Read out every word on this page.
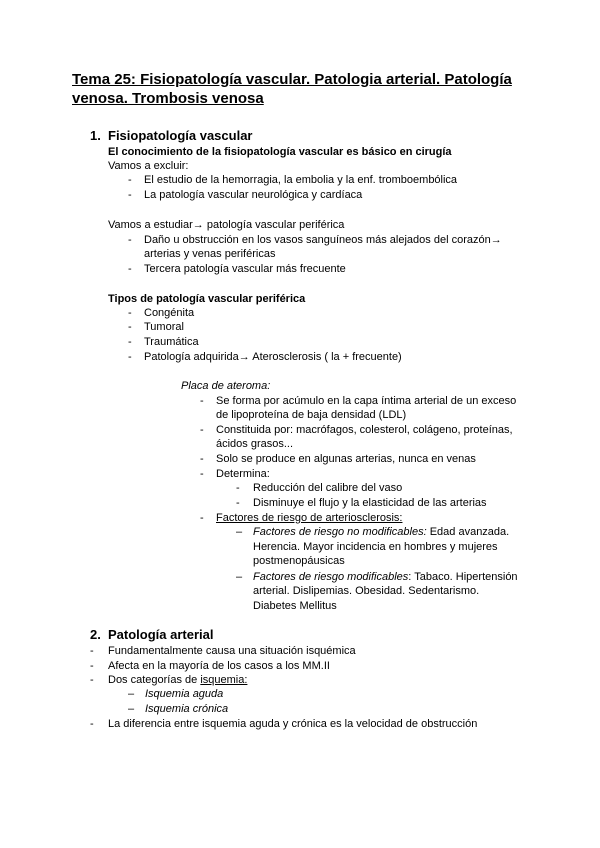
Tema 25: Fisiopatología vascular. Patologia arterial. Patología venosa. Trombosis venosa
1. Fisiopatología vascular
El conocimiento de la fisiopatología vascular es básico en cirugía
Vamos a excluir:
- El estudio de la hemorragia, la embolia y la enf. tromboembólica
- La patología vascular neurológica y cardíaca
Vamos a estudiar→ patología vascular periférica
- Daño u obstrucción en los vasos sanguíneos más alejados del corazón→
arterias y venas periféricas
- Tercera patología vascular más frecuente
Tipos de patología vascular periférica
- Congénita
- Tumoral
- Traumática
- Patología adquirida→ Aterosclerosis ( la + frecuente)
Placa de ateroma:
- Se forma por acúmulo en la capa íntima arterial de un exceso
de lipoproteína de baja densidad (LDL)
- Constituida por: macrófagos, colesterol, colágeno, proteínas,
ácidos grasos...
- Solo se produce en algunas arterias, nunca en venas
- Determina:
- Reducción del calibre del vaso
- Disminuye el flujo y la elasticidad de las arterias
- Factores de riesgo de arteriosclerosis:
– Factores de riesgo no modificables: Edad avanzada.
Herencia. Mayor incidencia en hombres y mujeres
postmenopáusicas
– Factores de riesgo modificables: Tabaco. Hipertensión
arterial. Dislipemias. Obesidad. Sedentarismo.
Diabetes Mellitus
2. Patología arterial
- Fundamentalmente causa una situación isquémica
- Afecta en la mayoría de los casos a los MM.II
- Dos categorías de isquemia:
– Isquemia aguda
– Isquemia crónica
- La diferencia entre isquemia aguda y crónica es la velocidad de obstrucción
